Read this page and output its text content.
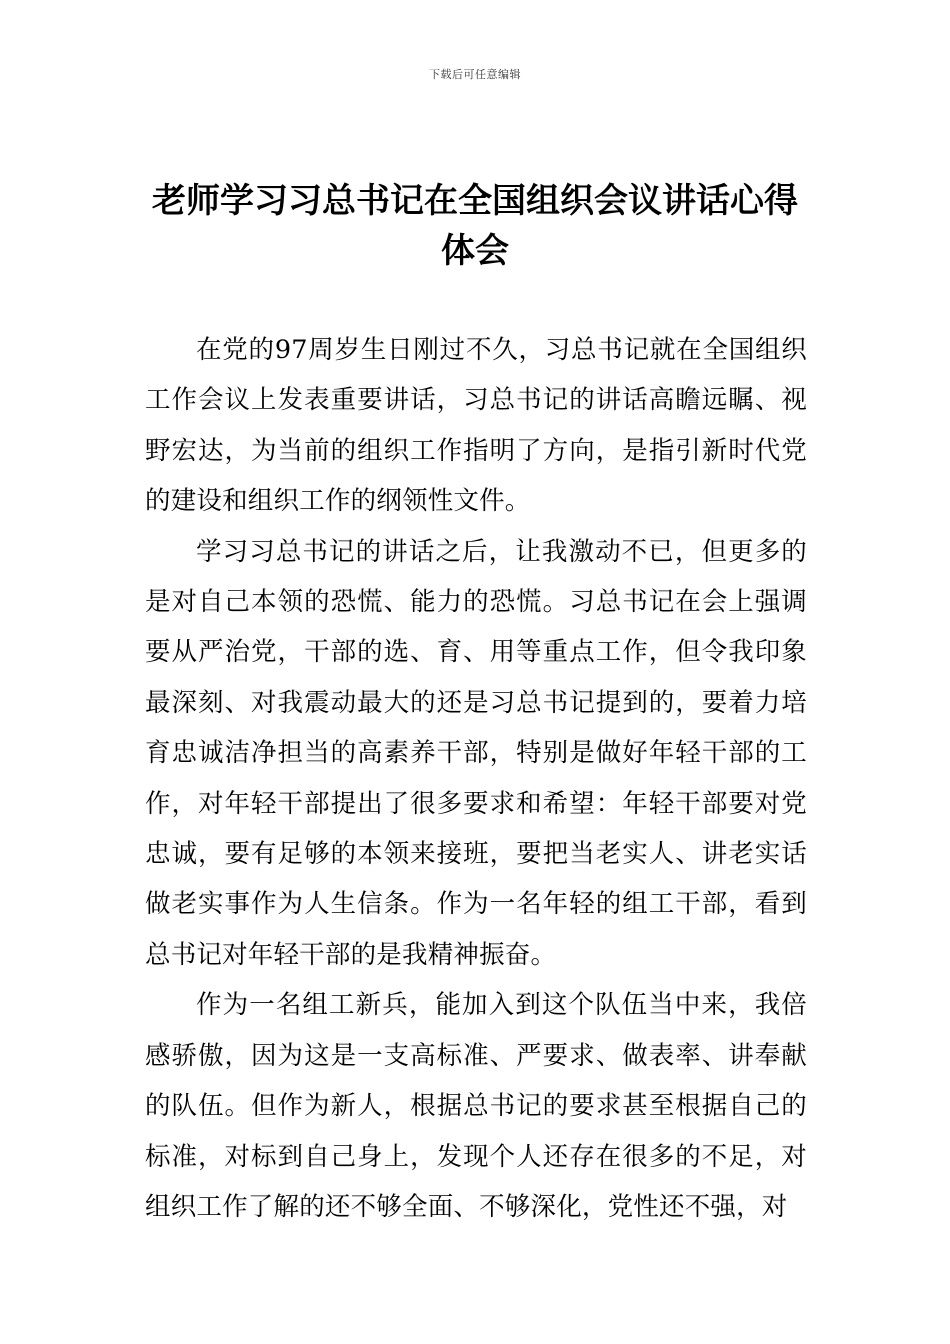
下载后可任意编辑
老师学习习总书记在全国组织会议讲话心得体会

在党的97周岁生日刚过不久，习总书记就在全国组织工作会议上发表重要讲话，习总书记的讲话高瞻远瞩、视野宏达，为当前的组织工作指明了方向，是指引新时代党的建设和组织工作的纲领性文件。

学习习总书记的讲话之后，让我激动不已，但更多的是对自己本领的恐慌、能力的恐慌。习总书记在会上强调要从严治党，干部的选、育、用等重点工作，但令我印象最深刻、对我震动最大的还是习总书记提到的，要着力培育忠诚洁净担当的高素养干部，特别是做好年轻干部的工作，对年轻干部提出了很多要求和希望：年轻干部要对党忠诚，要有足够的本领来接班，要把当老实人、讲老实话做老实事作为人生信条。作为一名年轻的组工干部，看到总书记对年轻干部的是我精神振奋。

作为一名组工新兵，能加入到这个队伍当中来，我倍感骄傲，因为这是一支高标准、严要求、做表率、讲奉献的队伍。但作为新人，根据总书记的要求甚至根据自己的标准，对标到自己身上，发现个人还存在很多的不足，对组织工作了解的还不够全面、不够深化，党性还不强，对
